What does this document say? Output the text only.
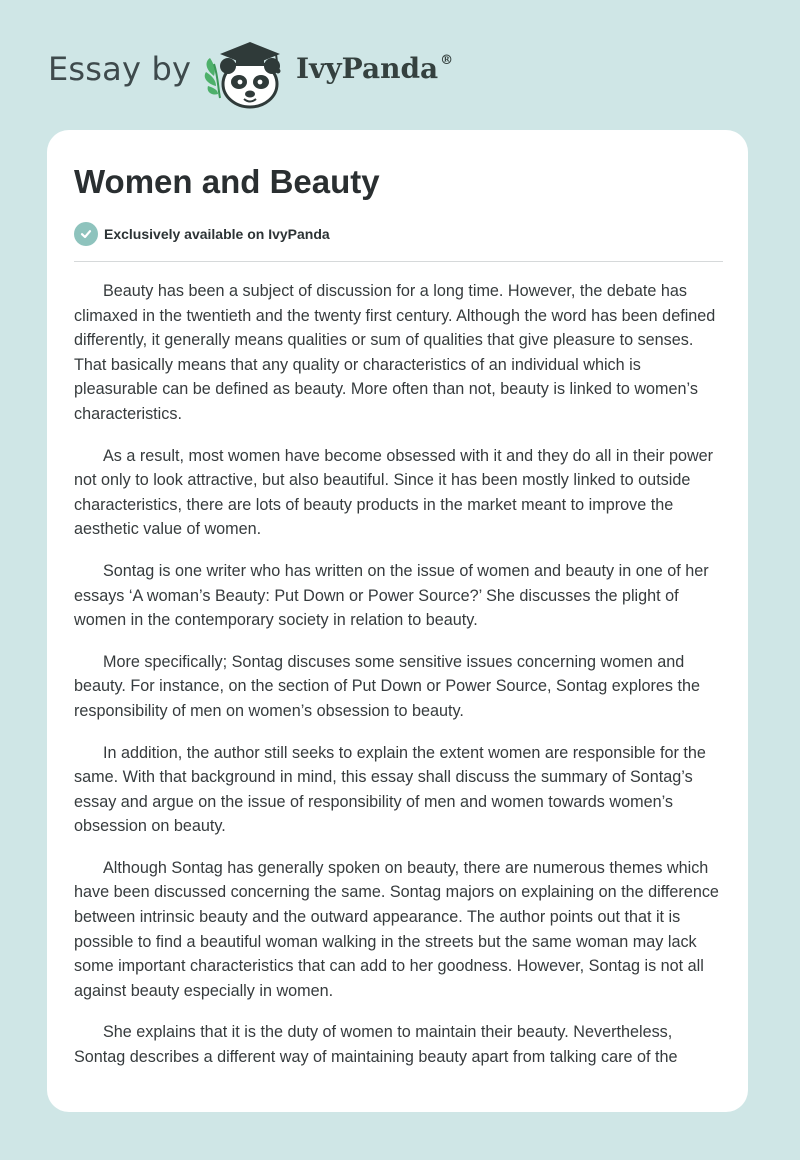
Essay by	IvyPanda ®
Women and Beauty
Exclusively available on IvyPanda

Beauty has been a subject of discussion for a long time. However, the debate has climaxed in the twentieth and the twenty first century. Although the word has been defined differently, it generally means qualities or sum of qualities that give pleasure to senses. That basically means that any quality or characteristics of an individual which is pleasurable can be defined as beauty. More often than not, beauty is linked to women’s characteristics.

As a result, most women have become obsessed with it and they do all in their power not only to look attractive, but also beautiful. Since it has been mostly linked to outside characteristics, there are lots of beauty products in the market meant to improve the aesthetic value of women.

Sontag is one writer who has written on the issue of women and beauty in one of her essays ‘A woman’s Beauty: Put Down or Power Source?’ She discusses the plight of women in the contemporary society in relation to beauty.

More specifically; Sontag discuses some sensitive issues concerning women and beauty. For instance, on the section of Put Down or Power Source, Sontag explores the responsibility of men on women’s obsession to beauty.

In addition, the author still seeks to explain the extent women are responsible for the same. With that background in mind, this essay shall discuss the summary of Sontag’s essay and argue on the issue of responsibility of men and women towards women’s obsession on beauty.

Although Sontag has generally spoken on beauty, there are numerous themes which have been discussed concerning the same. Sontag majors on explaining on the difference between intrinsic beauty and the outward appearance. The author points out that it is possible to find a beautiful woman walking in the streets but the same woman may lack some important characteristics that can add to her goodness. However, Sontag is not all against beauty especially in women.

She explains that it is the duty of women to maintain their beauty. Nevertheless, Sontag describes a different way of maintaining beauty apart from talking care of the
